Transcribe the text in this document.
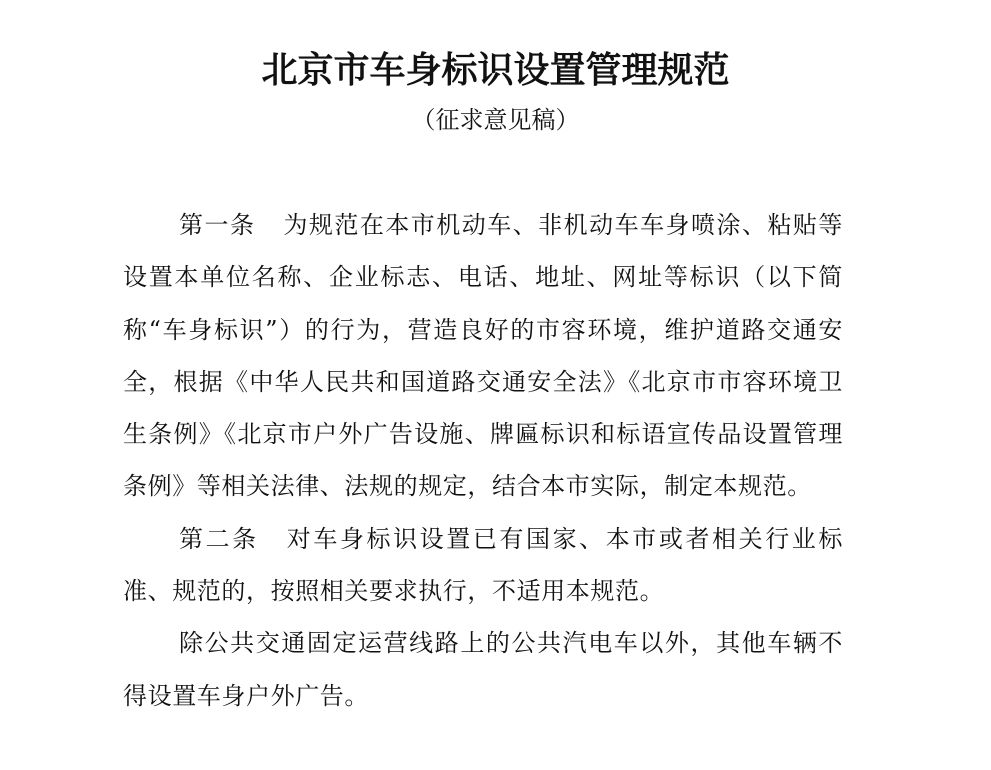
北京市车身标识设置管理规范
（征求意见稿）

第一条 为规范在本市机动车、非机动车车身喷涂、粘贴等设置本单位名称、企业标志、电话、地址、网址等标识（以下简称“车身标识”）的行为，营造良好的市容环境，维护道路交通安全，根据《中华人民共和国道路交通安全法》《北京市市容环境卫生条例》《北京市户外广告设施、牌匾标识和标语宣传品设置管理条例》等相关法律、法规的规定，结合本市实际，制定本规范。

第二条 对车身标识设置已有国家、本市或者相关行业标准、规范的，按照相关要求执行，不适用本规范。

除公共交通固定运营线路上的公共汽电车以外，其他车辆不得设置车身户外广告。
